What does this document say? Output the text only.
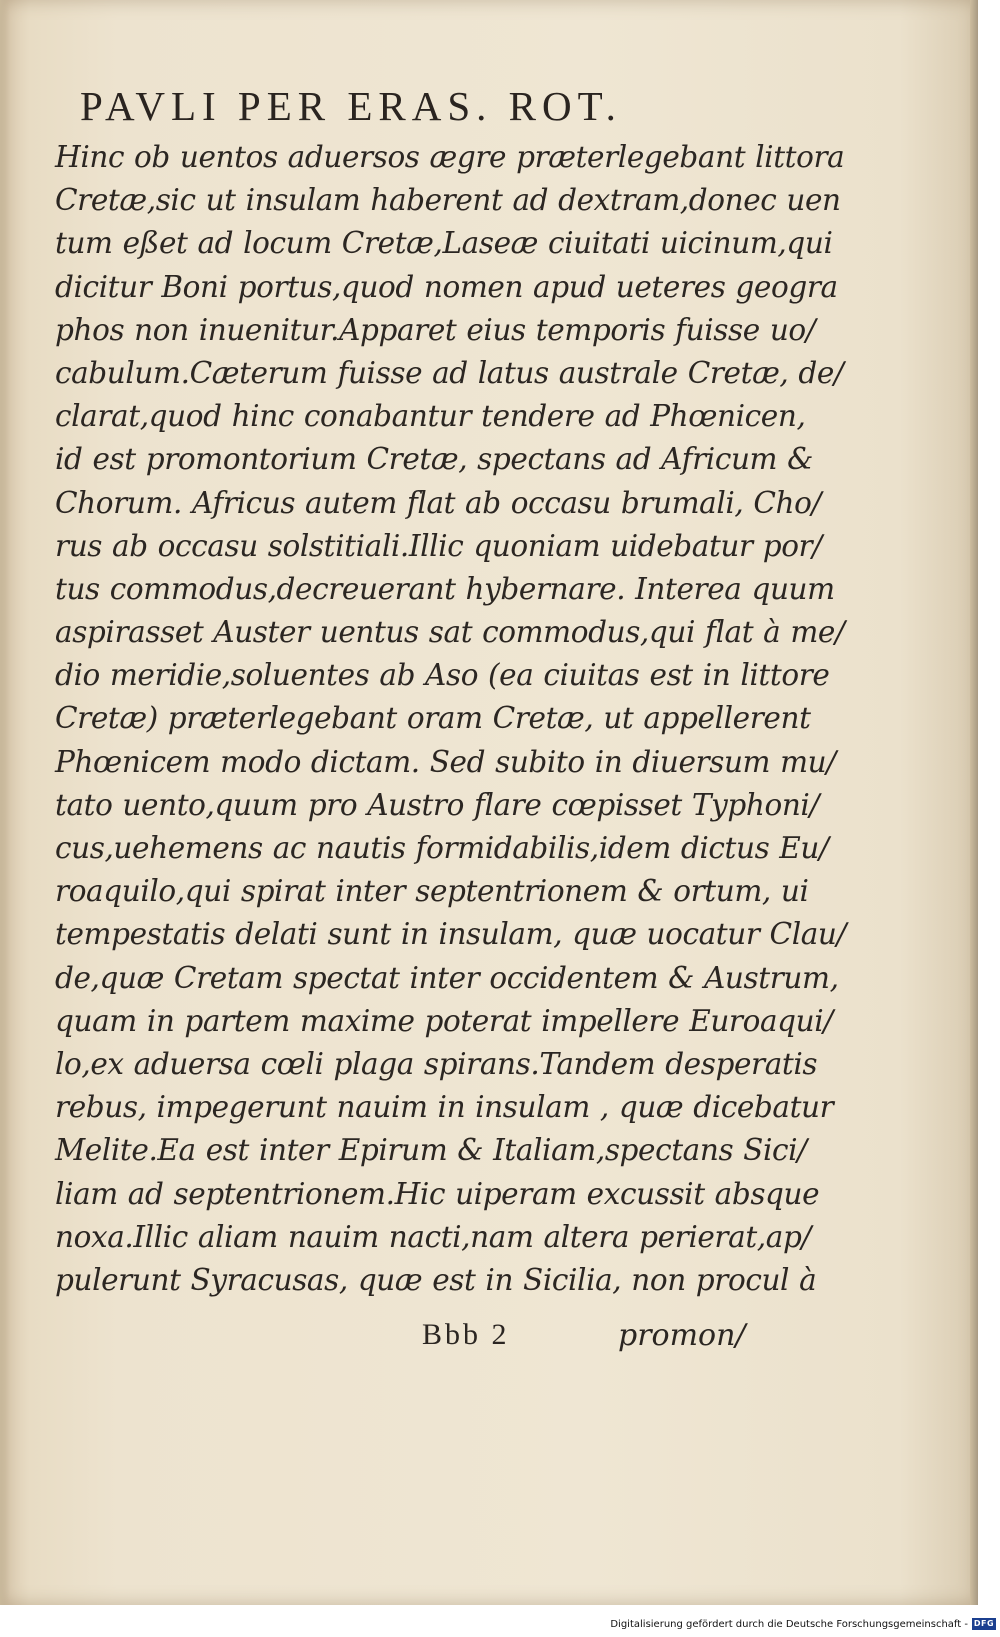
PAVLI PER ERAS. ROT.
Hinc ob uentos aduersos ægre præterlegebant littora
Cretæ,sic ut insulam haberent ad dextram,donec uen
tum eßet ad locum Cretæ,Laseæ ciuitati uicinum,qui
dicitur Boni portus,quod nomen apud ueteres geogra
phos non inuenitur.Apparet eius temporis fuisse uo/
cabulum.Cæterum fuisse ad latus australe Cretæ, de/
clarat,quod hinc conabantur tendere ad Phœnicen,
id est promontorium Cretæ, spectans ad Africum &
Chorum. Africus autem flat ab occasu brumali, Cho/
rus ab occasu solstitiali.Illic quoniam uidebatur por/
tus commodus,decreuerant hybernare. Interea quum
aspirasset Auster uentus sat commodus,qui flat à me/
dio meridie,soluentes ab Aso (ea ciuitas est in littore
Cretæ) præterlegebant oram Cretæ, ut appellerent
Phœnicem modo dictam. Sed subito in diuersum mu/
tato uento,quum pro Austro flare cœpisset Typhoni/
cus,uehemens ac nautis formidabilis,idem dictus Eu/
roaquilo,qui spirat inter septentrionem & ortum, ui
tempestatis delati sunt in insulam, quæ uocatur Clau/
de,quæ Cretam spectat inter occidentem & Austrum,
quam in partem maxime poterat impellere Euroaqui/
lo,ex aduersa cœli plaga spirans.Tandem desperatis
rebus, impegerunt nauim in insulam , quæ dicebatur
Melite.Ea est inter Epirum & Italiam,spectans Sici/
liam ad septentrionem.Hic uiperam excussit absque
noxa.Illic aliam nauim nacti,nam altera perierat,ap/
pulerunt Syracusas, quæ est in Sicilia, non procul à
Bbb 2	promon/
Digitalisierung gefördert durch die Deutsche Forschungsgemeinschaft - DFG
